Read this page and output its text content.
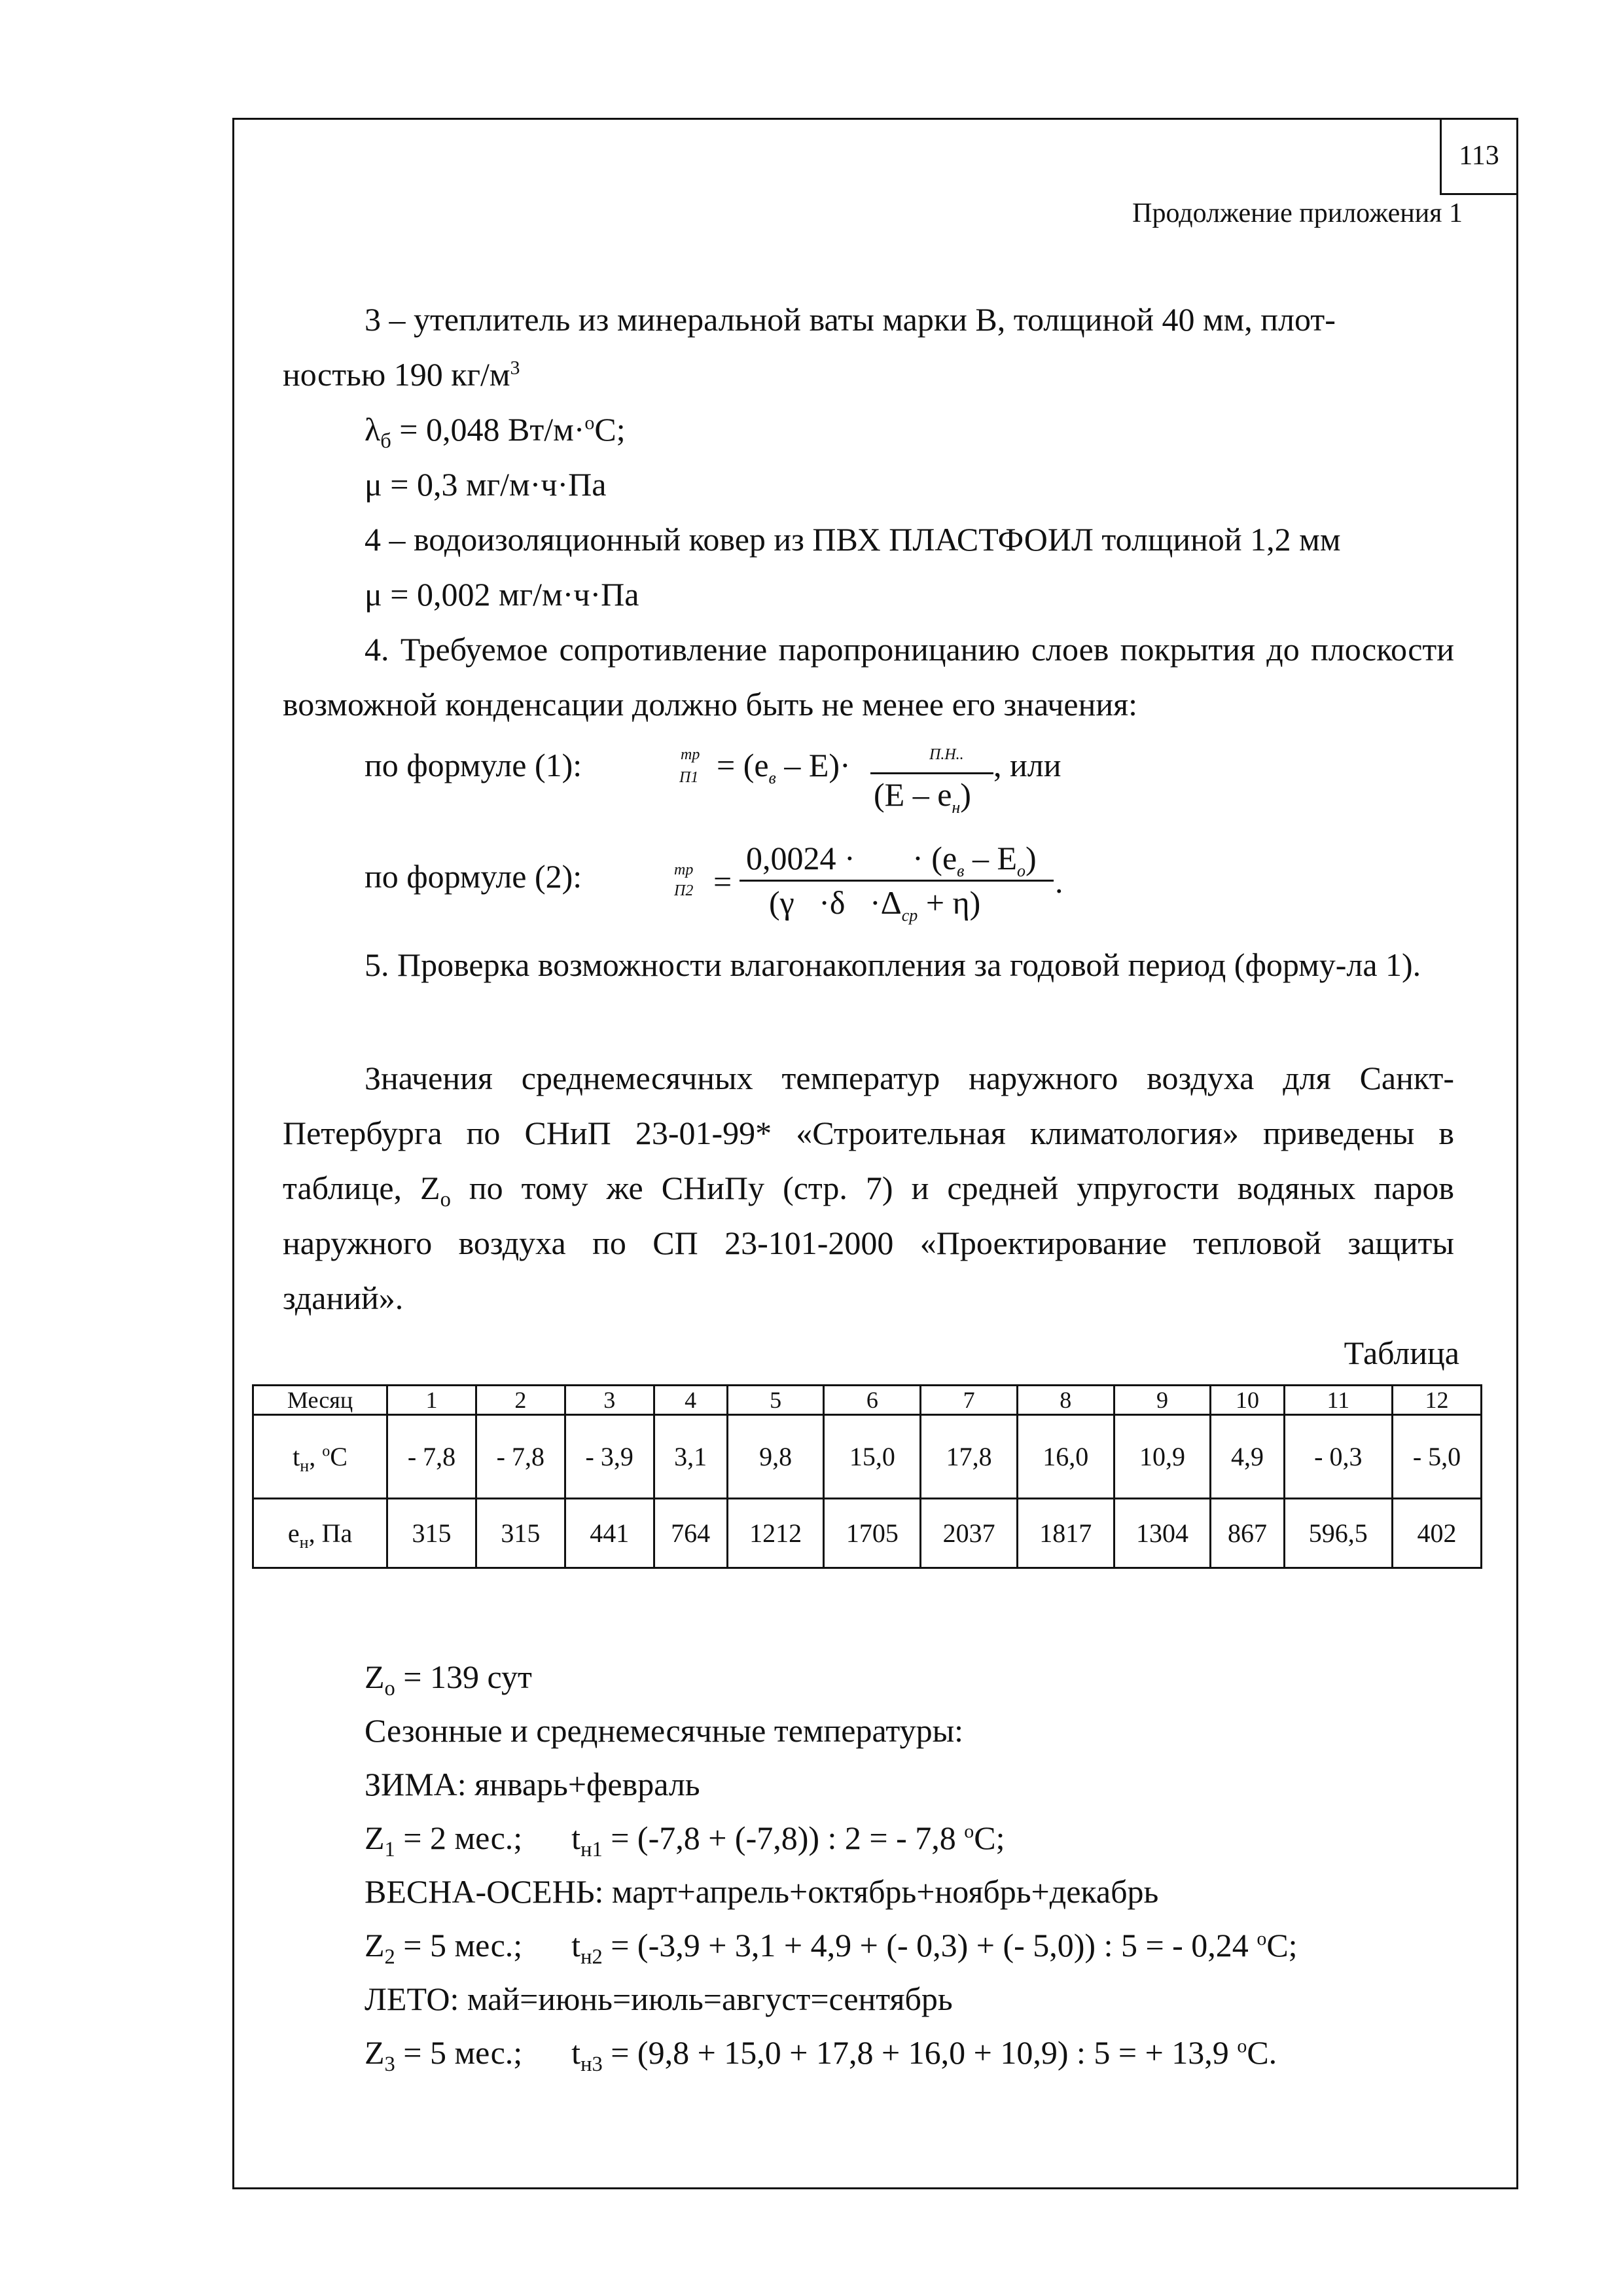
113
Продолжение приложения 1
3 – утеплитель из минеральной ваты марки В, толщиной 40 мм, плот-
ностью 190 $кг/м^3$
$\lambda_б = 0,048$ Вт/м·$^o$С;
μ = 0,3 мг/м·ч·Па
4 – водоизоляционный ковер из ПВХ ПЛАСТФОИЛ толщиной 1,2 мм
μ = 0,002 мг/м·ч·Па
4. Требуемое сопротивление паропроницанию слоев покрытия до плоскости возможной конденсации должно быть не менее его значения:
по формуле (1):	тр
$П1 = (е_в - Е)\cdot$	П.Н..
$(Е - е_н)$
, или
по формуле (2):	тр
П2 =
0,0024 ·       · $(е_в - Е_о)$
$(\gamma \cdot\delta \cdot\Delta_{ср} + \eta)$
.
5. Проверка возможности влагонакопления за годовой период (форму-ла 1).
Значения среднемесячных температур наружного воздуха для Санкт-Петербурга по СНиП 23-01-99* «Строительная климатология» приведены в таблице, $Z_о$ по тому же СНиПу (стр. 7) и средней упругости водяных паров наружного воздуха по СП 23-101-2000 «Проектирование тепловой защиты зданий».
Таблица
Месяц	1	2	3	4	5	6	7	8	9	10	11	12
$t_н$, $^o$С	- 7,8	- 7,8	- 3,9	3,1	9,8	15,0	17,8	16,0	10,9	4,9	- 0,3	- 5,0
$е_н$, Па	315	315	441	764	1212	1705	2037	1817	1304	867	596,5	402
$Z_о = 139$ сут
Сезонные и среднемесячные температуры:
ЗИМА: январь+февраль
$Z_1 = 2$ мес.;      $t_{н1} = (-7,8 + (-7,8))$ : 2 = - 7,8 $^o$С;
ВЕСНА-ОСЕНЬ: март+апрель+октябрь+ноябрь+декабрь
$Z_2 = 5$ мес.;      $t_{н2} = (-3,9 + 3,1 + 4,9$ + (- 0,3) + (- 5,0)) : 5 = - 0,24 $^o$С;
ЛЕТО: май=июнь=июль=август=сентябрь
$Z_3 = 5$ мес.;      $t_{н3} = (9,8 + 15,0 + 17,8 + 16,0 + 10,9)$ : 5 = + 13,9 $^o$С.
